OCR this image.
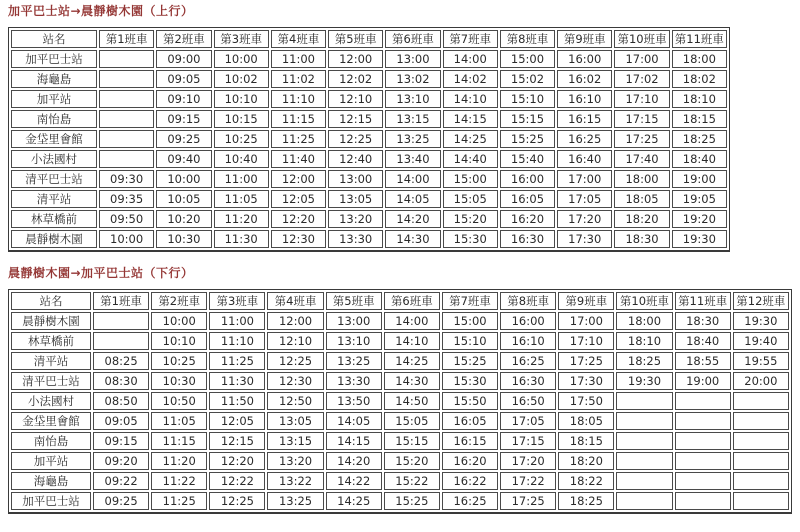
加平巴士站→晨靜樹木園（上行）
站名	第1班車	第2班車	第3班車	第4班車	第5班車	第6班車	第7班車	第8班車	第9班車	第10班車	第11班車
加平巴士站		09:00	10:00	11:00	12:00	13:00	14:00	15:00	16:00	17:00	18:00
海龜島		09:05	10:02	11:02	12:02	13:02	14:02	15:02	16:02	17:02	18:02
加平站		09:10	10:10	11:10	12:10	13:10	14:10	15:10	16:10	17:10	18:10
南怡島		09:15	10:15	11:15	12:15	13:15	14:15	15:15	16:15	17:15	18:15
金垈里會館		09:25	10:25	11:25	12:25	13:25	14:25	15:25	16:25	17:25	18:25
小法國村		09:40	10:40	11:40	12:40	13:40	14:40	15:40	16:40	17:40	18:40
清平巴士站	09:30	10:00	11:00	12:00	13:00	14:00	15:00	16:00	17:00	18:00	19:00
清平站	09:35	10:05	11:05	12:05	13:05	14:05	15:05	16:05	17:05	18:05	19:05
林草橋前	09:50	10:20	11:20	12:20	13:20	14:20	15:20	16:20	17:20	18:20	19:20
晨靜樹木園	10:00	10:30	11:30	12:30	13:30	14:30	15:30	16:30	17:30	18:30	19:30
晨靜樹木園→加平巴士站（下行）
站名	第1班車	第2班車	第3班車	第4班車	第5班車	第6班車	第7班車	第8班車	第9班車	第10班車	第11班車	第12班車
晨靜樹木園		10:00	11:00	12:00	13:00	14:00	15:00	16:00	17:00	18:00	18:30	19:30
林草橋前		10:10	11:10	12:10	13:10	14:10	15:10	16:10	17:10	18:10	18:40	19:40
清平站	08:25	10:25	11:25	12:25	13:25	14:25	15:25	16:25	17:25	18:25	18:55	19:55
清平巴士站	08:30	10:30	11:30	12:30	13:30	14:30	15:30	16:30	17:30	19:30	19:00	20:00
小法國村	08:50	10:50	11:50	12:50	13:50	14:50	15:50	16:50	17:50			
金垈里會館	09:05	11:05	12:05	13:05	14:05	15:05	16:05	17:05	18:05			
南怡島	09:15	11:15	12:15	13:15	14:15	15:15	16:15	17:15	18:15			
加平站	09:20	11:20	12:20	13:20	14:20	15:20	16:20	17:20	18:20			
海龜島	09:22	11:22	12:22	13:22	14:22	15:22	16:22	17:22	18:22			
加平巴士站	09:25	11:25	12:25	13:25	14:25	15:25	16:25	17:25	18:25			
